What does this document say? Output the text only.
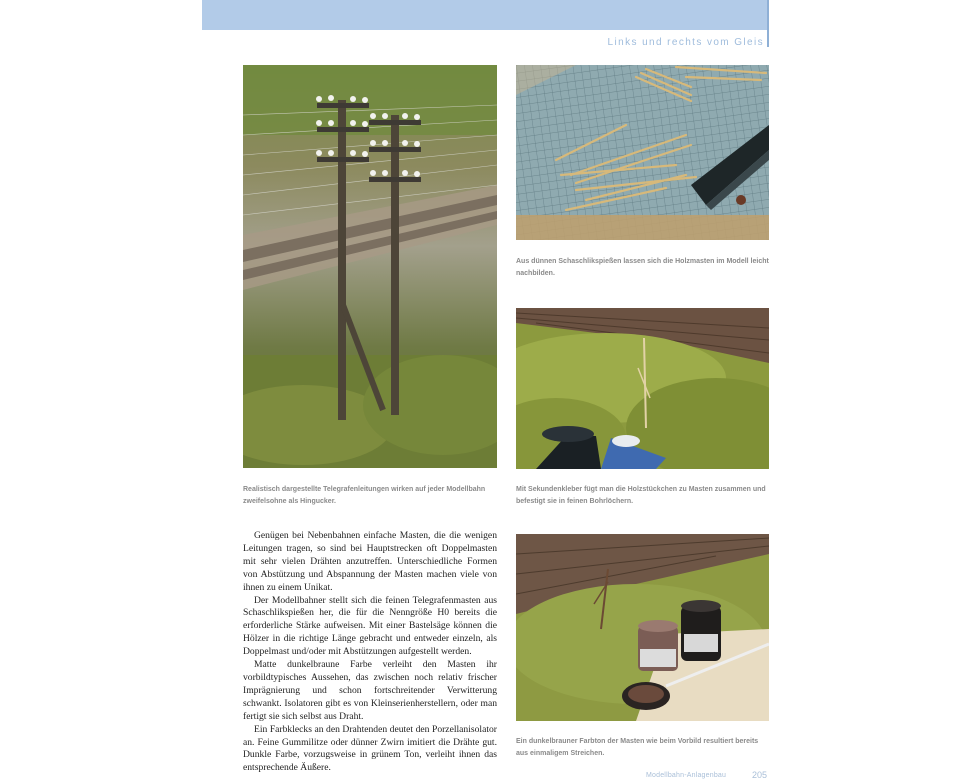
Links und rechts vom Gleis
Realistisch dargestellte Telegrafenleitungen wirken auf jeder Modellbahn zweifelsohne als Hingucker.
Aus dünnen Schaschlikspießen lassen sich die Holzmasten im Modell leicht nachbilden.
Mit Sekundenkleber fügt man die Holzstückchen zu Masten zusammen und befestigt sie in feinen Bohrlöchern.
Ein dunkelbrauner Farbton der Masten wie beim Vorbild resultiert bereits aus einmaligem Streichen.

Genügen bei Nebenbahnen einfache Masten, die die wenigen Leitungen tragen, so sind bei Hauptstrecken oft Doppelmasten mit sehr vielen Drähten anzutreffen. Unterschiedliche Formen von Abstützung und Abspannung der Masten machen viele von ihnen zu einem Unikat.

Der Modellbahner stellt sich die feinen Telegrafenmasten aus Schaschlikspießen her, die für die Nenngröße H0 bereits die erforderliche Stärke aufweisen. Mit einer Bastelsäge können die Hölzer in die richtige Länge gebracht und entweder einzeln, als Doppelmast und/oder mit Abstützungen aufgestellt werden.

Matte dunkelbraune Farbe verleiht den Masten ihr vorbildtypisches Aussehen, das zwischen noch relativ frischer Imprägnierung und schon fortschreitender Verwitterung schwankt. Isolatoren gibt es von Kleinserienherstellern, oder man fertigt sie sich selbst aus Draht.

Ein Farbklecks an den Drahtenden deutet den Porzellanisolator an. Feine Gummilitze oder dünner Zwirn imitiert die Drähte gut. Dunkle Farbe, vorzugsweise in grünem Ton, verleiht ihnen das entsprechende Äußere.

Modellbahn-Anlagenbau	205
